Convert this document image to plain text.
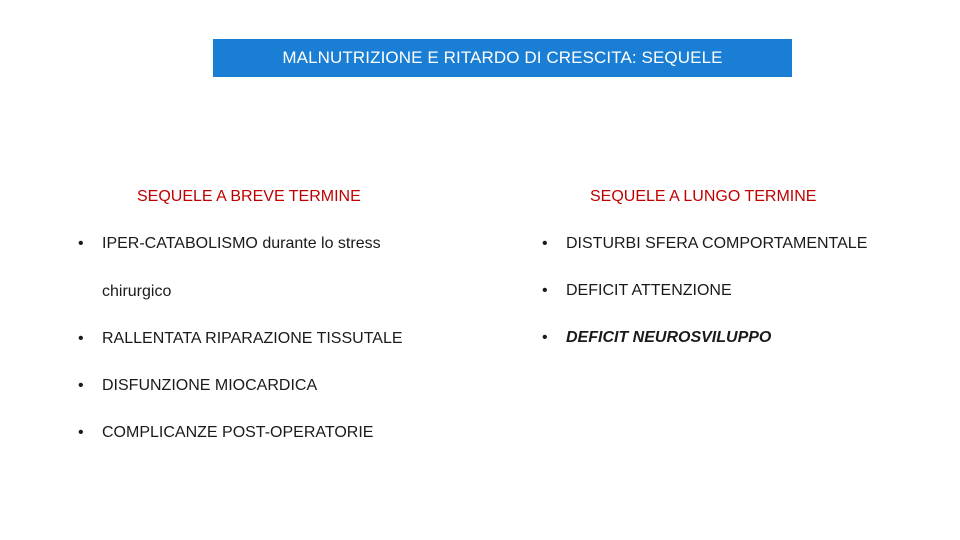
MALNUTRIZIONE E RITARDO DI CRESCITA: SEQUELE
SEQUELE A BREVE TERMINE	SEQUELE A LUNGO TERMINE
•	IPER-CATABOLISMO durante lo stress chirurgico
•	RALLENTATA RIPARAZIONE TISSUTALE
•	DISFUNZIONE MIOCARDICA
•	COMPLICANZE POST-OPERATORIE
•	DISTURBI SFERA COMPORTAMENTALE
•	DEFICIT ATTENZIONE
•	DEFICIT NEUROSVILUPPO
